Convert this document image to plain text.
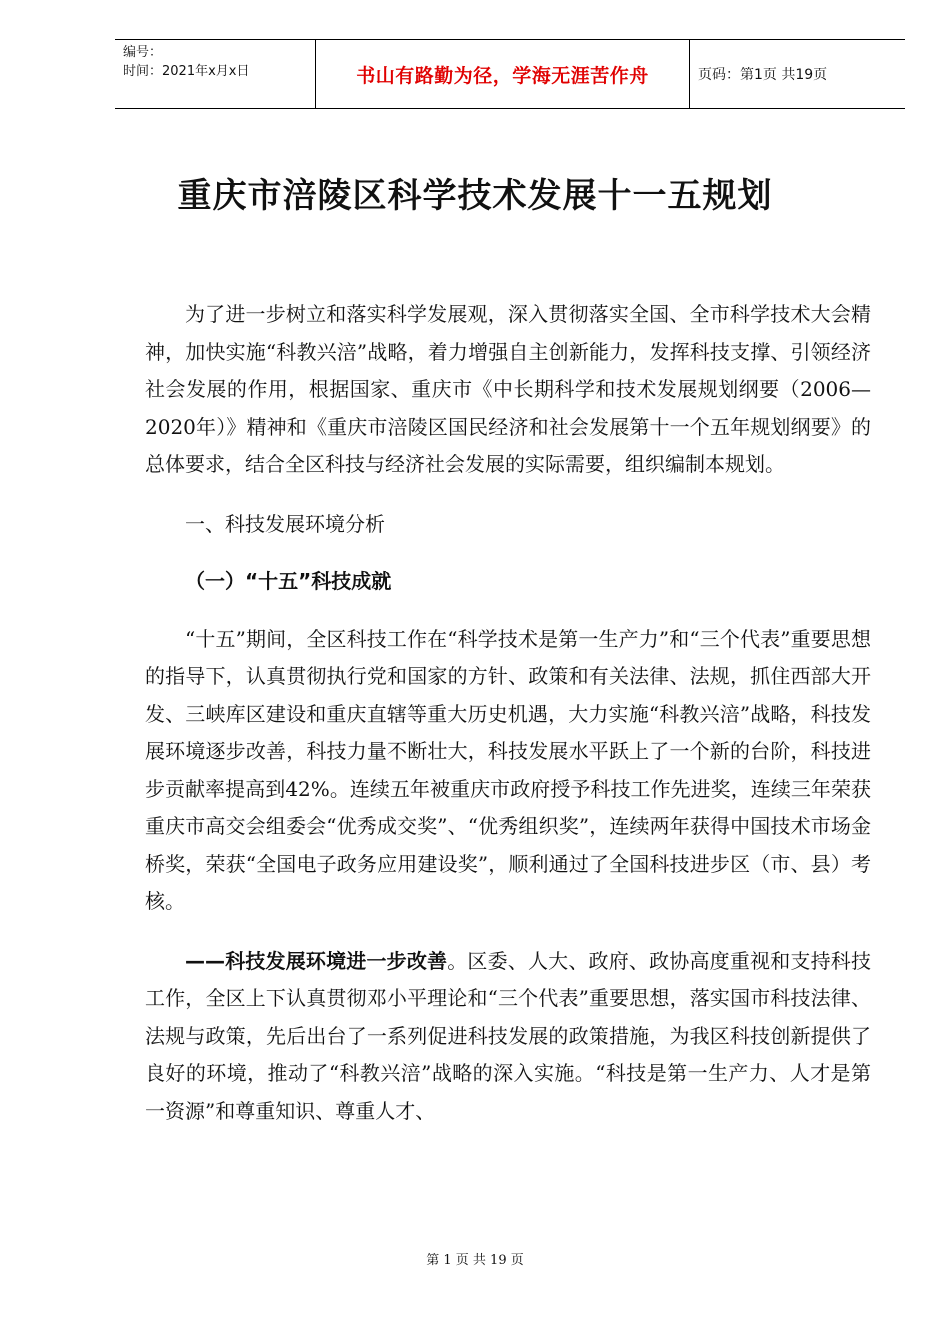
编号：
时间：2021年x月x日	书山有路勤为径，学海无涯苦作舟	页码：第1页 共19页
重庆市涪陵区科学技术发展十一五规划

为了进一步树立和落实科学发展观，深入贯彻落实全国、全市科学技术大会精神，加快实施“科教兴涪”战略，着力增强自主创新能力，发挥科技支撑、引领经济社会发展的作用，根据国家、重庆市《中长期科学和技术发展规划纲要（2006—2020年）》精神和《重庆市涪陵区国民经济和社会发展第十一个五年规划纲要》的总体要求，结合全区科技与经济社会发展的实际需要，组织编制本规划。

一、科技发展环境分析

（一）“十五”科技成就

“十五”期间，全区科技工作在“科学技术是第一生产力”和“三个代表”重要思想的指导下，认真贯彻执行党和国家的方针、政策和有关法律、法规，抓住西部大开发、三峡库区建设和重庆直辖等重大历史机遇，大力实施“科教兴涪”战略，科技发展环境逐步改善，科技力量不断壮大，科技发展水平跃上了一个新的台阶，科技进步贡献率提高到42%。连续五年被重庆市政府授予科技工作先进奖，连续三年荣获重庆市高交会组委会“优秀成交奖”、“优秀组织奖”，连续两年获得中国技术市场金桥奖，荣获“全国电子政务应用建设奖”，顺利通过了全国科技进步区（市、县）考核。

——科技发展环境进一步改善。区委、人大、政府、政协高度重视和支持科技工作，全区上下认真贯彻邓小平理论和“三个代表”重要思想，落实国市科技法律、法规与政策，先后出台了一系列促进科技发展的政策措施，为我区科技创新提供了良好的环境，推动了“科教兴涪”战略的深入实施。“科技是第一生产力、人才是第一资源”和尊重知识、尊重人才、

第 1 页 共 19 页
